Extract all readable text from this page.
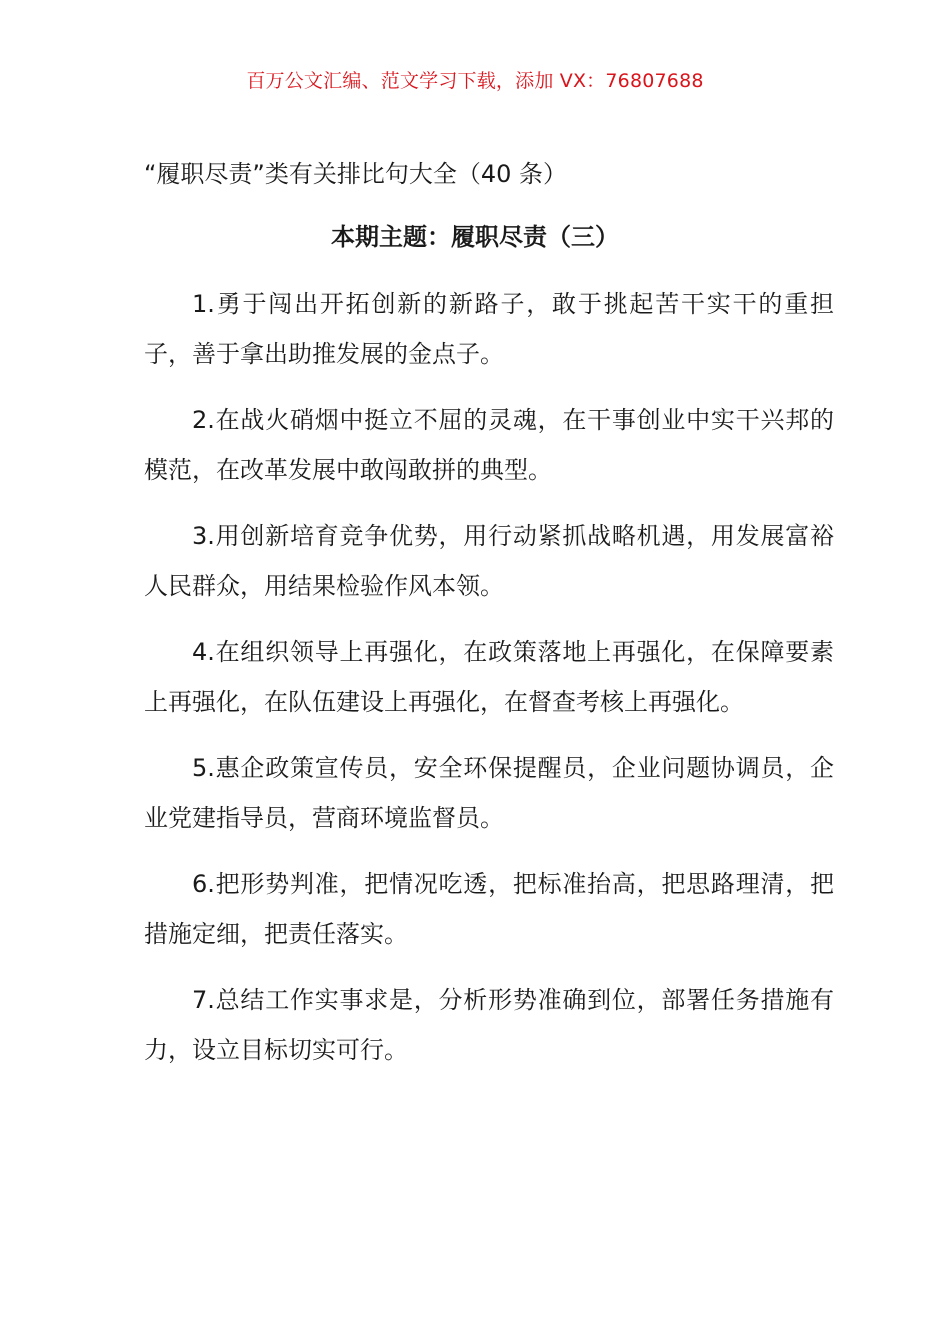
百万公文汇编、范文学习下载，添加 VX：76807688
“履职尽责”类有关排比句大全（40 条）
本期主题：履职尽责（三）

1.勇于闯出开拓创新的新路子，敢于挑起苦干实干的重担子，善于拿出助推发展的金点子。

2.在战火硝烟中挺立不屈的灵魂，在干事创业中实干兴邦的模范，在改革发展中敢闯敢拼的典型。

3.用创新培育竞争优势，用行动紧抓战略机遇，用发展富裕人民群众，用结果检验作风本领。

4.在组织领导上再强化，在政策落地上再强化，在保障要素上再强化，在队伍建设上再强化，在督查考核上再强化。

5.惠企政策宣传员，安全环保提醒员，企业问题协调员，企业党建指导员，营商环境监督员。

6.把形势判准，把情况吃透，把标准抬高，把思路理清，把措施定细，把责任落实。

7.总结工作实事求是，分析形势准确到位，部署任务措施有力，设立目标切实可行。
